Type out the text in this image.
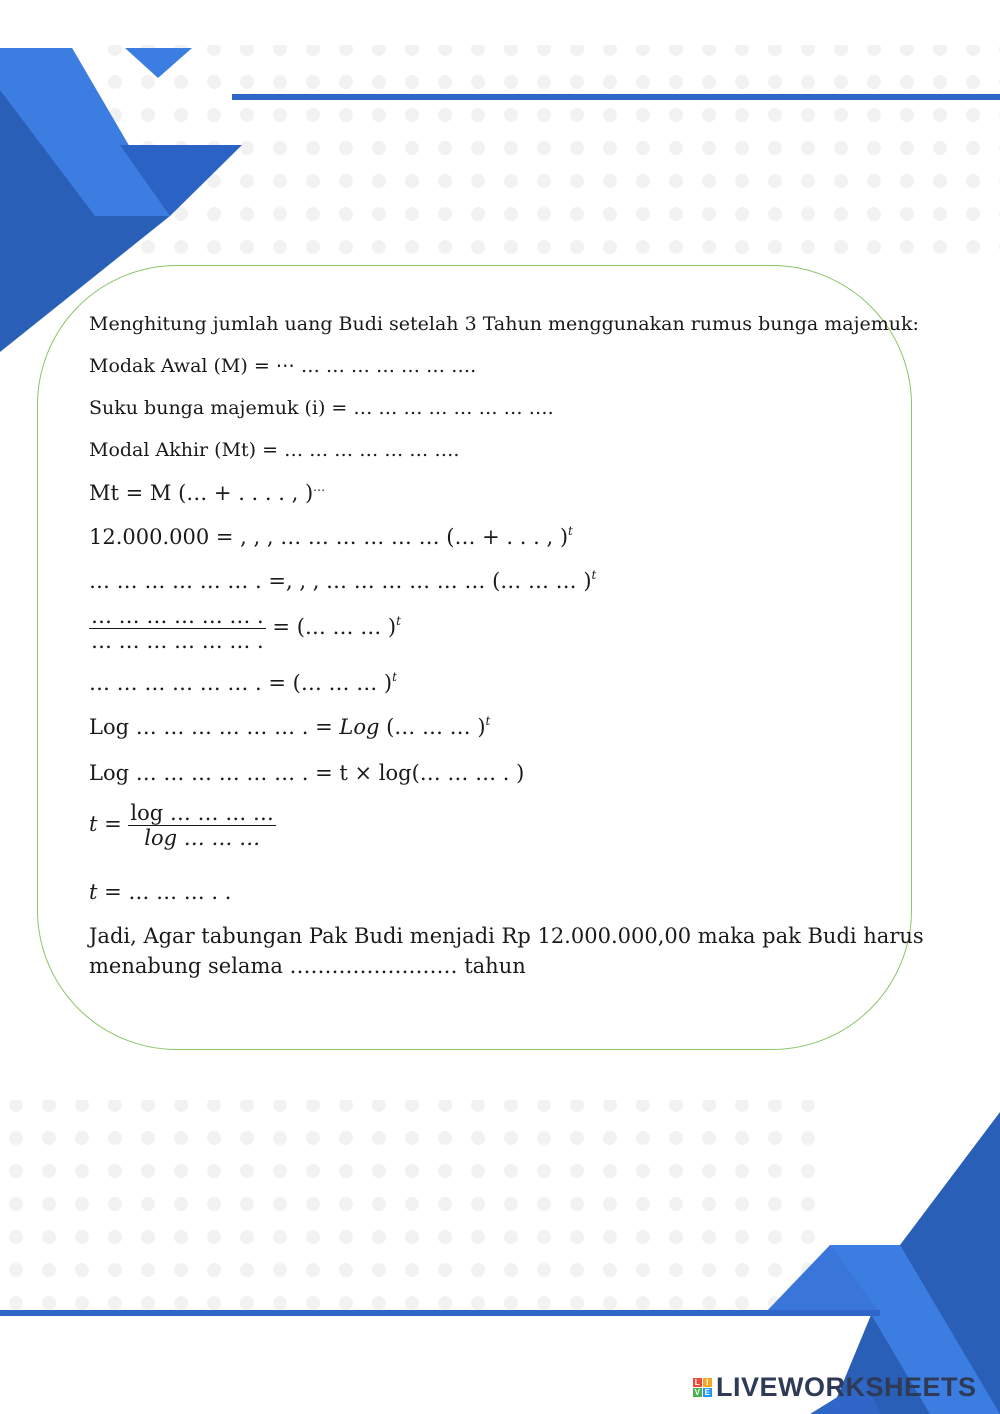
Menghitung jumlah uang Budi setelah 3 Tahun menggunakan rumus bunga majemuk:
Modak Awal (M) = ⋯ … … … … … … ….
Suku bunga majemuk (i) = … … … … … … … ….
Modal Akhir (Mt) = … … … … … … ….
Mt = M (… + . . . . , )…
12.000.000 = , , , … … … … … … (… + . . . , )$^t$
… … … … … … . =, , , … … … … … … (… … … )$^t$
$\frac{\dots \dots \dots \dots \dots \dots .}{\dots \dots \dots \dots \dots \dots .}$ = (… … … )$^t$
… … … … … … . = (… … … )$^t$
Log … … … … … … . = Log (… … … )$^t$
Log … … … … … … . = t × log(… … … . )
$t = \frac{\log \dots \dots \dots \dots}{\log \dots \dots \dots}$
t = … … … . .
Jadi, Agar tabungan Pak Budi menjadi Rp 12.000.000,00 maka pak Budi harus
menabung selama …………………… tahun
L I
V E LIVEWORKSHEETS
